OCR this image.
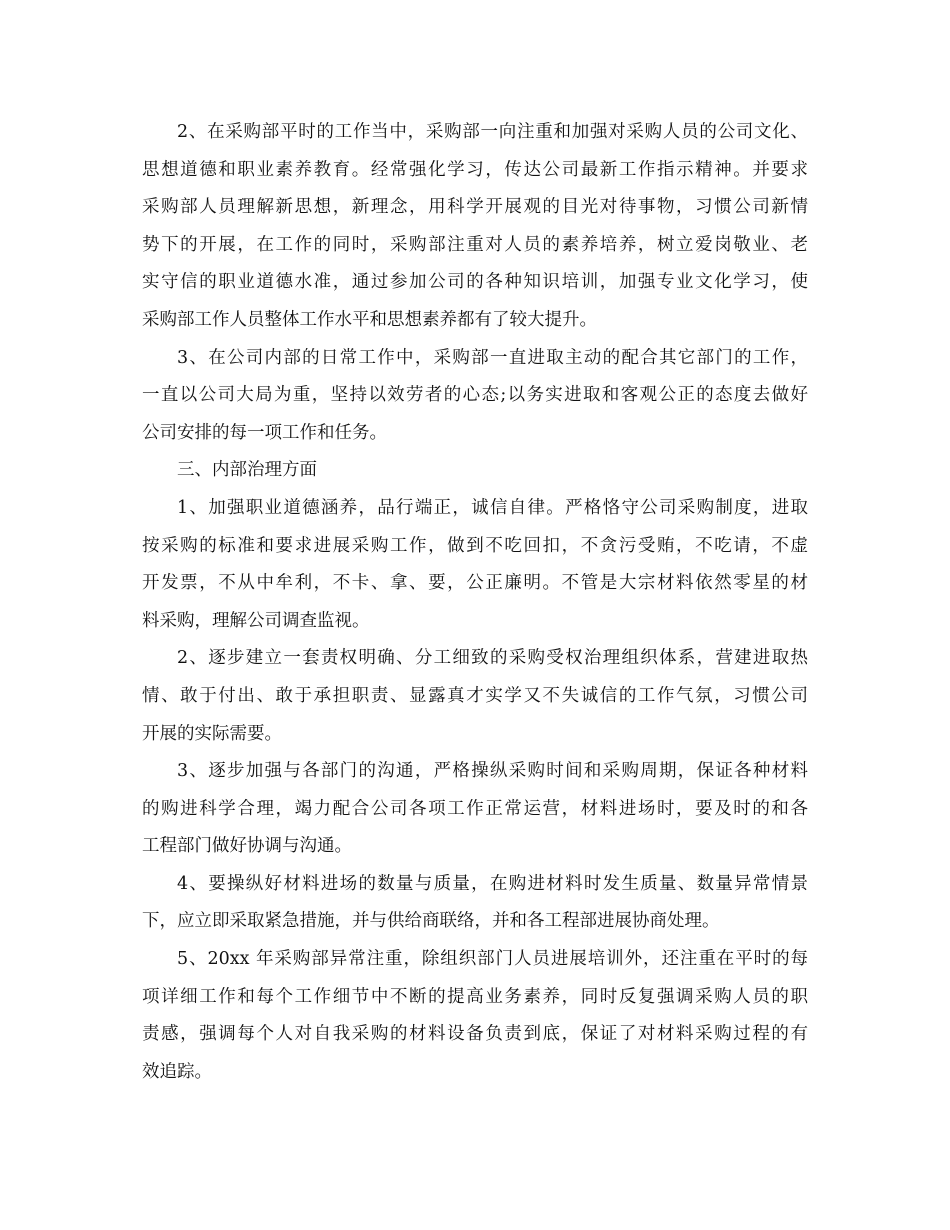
2、在采购部平时的工作当中，采购部一向注重和加强对采购人员的公司文化、
思想道德和职业素养教育。经常强化学习，传达公司最新工作指示精神。并要求
采购部人员理解新思想，新理念，用科学开展观的目光对待事物，习惯公司新情
势下的开展，在工作的同时，采购部注重对人员的素养培养，树立爱岗敬业、老
实守信的职业道德水准，通过参加公司的各种知识培训，加强专业文化学习，使
采购部工作人员整体工作水平和思想素养都有了较大提升。
3、在公司内部的日常工作中，采购部一直进取主动的配合其它部门的工作，
一直以公司大局为重，坚持以效劳者的心态;以务实进取和客观公正的态度去做好
公司安排的每一项工作和任务。
三、内部治理方面
1、加强职业道德涵养，品行端正，诚信自律。严格恪守公司采购制度，进取
按采购的标准和要求进展采购工作，做到不吃回扣，不贪污受贿，不吃请，不虚
开发票，不从中牟利，不卡、拿、要，公正廉明。不管是大宗材料依然零星的材
料采购，理解公司调查监视。
2、逐步建立一套责权明确、分工细致的采购受权治理组织体系，营建进取热
情、敢于付出、敢于承担职责、显露真才实学又不失诚信的工作气氛，习惯公司
开展的实际需要。
3、逐步加强与各部门的沟通，严格操纵采购时间和采购周期，保证各种材料
的购进科学合理，竭力配合公司各项工作正常运营，材料进场时，要及时的和各
工程部门做好协调与沟通。
4、要操纵好材料进场的数量与质量，在购进材料时发生质量、数量异常情景
下，应立即采取紧急措施，并与供给商联络，并和各工程部进展协商处理。
5、20xx 年采购部异常注重，除组织部门人员进展培训外，还注重在平时的每
项详细工作和每个工作细节中不断的提高业务素养，同时反复强调采购人员的职
责感，强调每个人对自我采购的材料设备负责到底，保证了对材料采购过程的有
效追踪。
